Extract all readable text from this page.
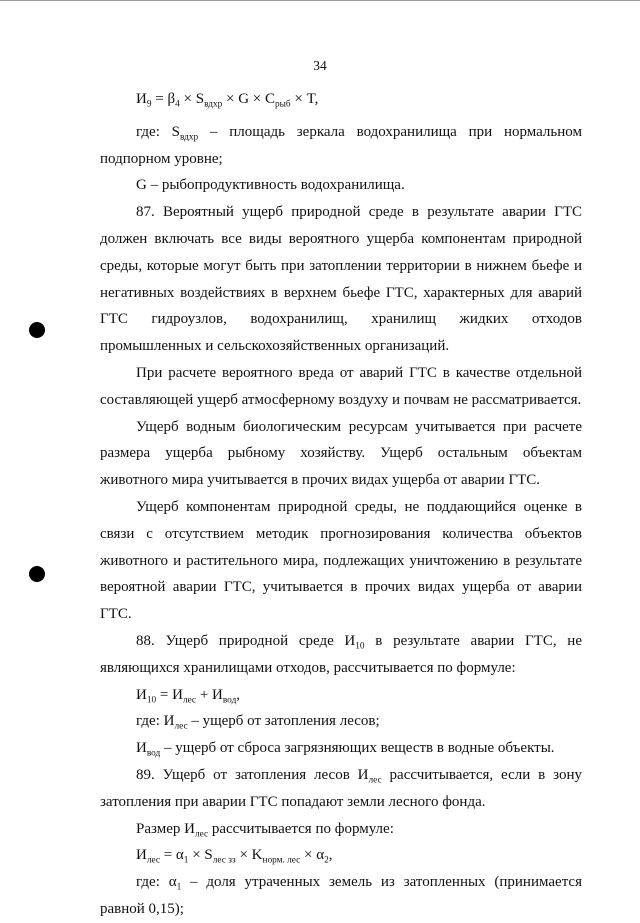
34

$И_9 = \beta_4 \times S_{вдхр} \times G \times C_{рыб} \times T$,

где: $S_{вдхр}$ – площадь зеркала водохранилища при нормальном подпорном уровне;

G – рыбопродуктивность водохранилища.

87. Вероятный ущерб природной среде в результате аварии ГТС должен включать все виды вероятного ущерба компонентам природной среды, которые могут быть при затоплении территории в нижнем бьефе и негативных воздействиях в верхнем бьефе ГТС, характерных для аварий ГТС гидроузлов, водохранилищ, хранилищ жидких отходов промышленных и сельскохозяйственных организаций.

При расчете вероятного вреда от аварий ГТС в качестве отдельной составляющей ущерб атмосферному воздуху и почвам не рассматривается.

Ущерб водным биологическим ресурсам учитывается при расчете размера ущерба рыбному хозяйству. Ущерб остальным объектам животного мира учитывается в прочих видах ущерба от аварии ГТС.

Ущерб компонентам природной среды, не поддающийся оценке в связи с отсутствием методик прогнозирования количества объектов животного и растительного мира, подлежащих уничтожению в результате вероятной аварии ГТС, учитывается в прочих видах ущерба от аварии ГТС.

88. Ущерб природной среде $И_{10}$ в результате аварии ГТС, не являющихся хранилищами отходов, рассчитывается по формуле:

$И_{10} = И_{лес} + И_{вод}$,

где: $И_{лес}$ – ущерб от затопления лесов;

$И_{вод}$ – ущерб от сброса загрязняющих веществ в водные объекты.

89. Ущерб от затопления лесов $И_{лес}$ рассчитывается, если в зону затопления при аварии ГТС попадают земли лесного фонда.

Размер $И_{лес}$ рассчитывается по формуле:

$И_{лес} = \alpha_1 \times S_{лес зз} \times K_{норм. лес} \times \alpha_2$,

где: $\alpha_1$ – доля утраченных земель из затопленных (принимается равной 0,15);
